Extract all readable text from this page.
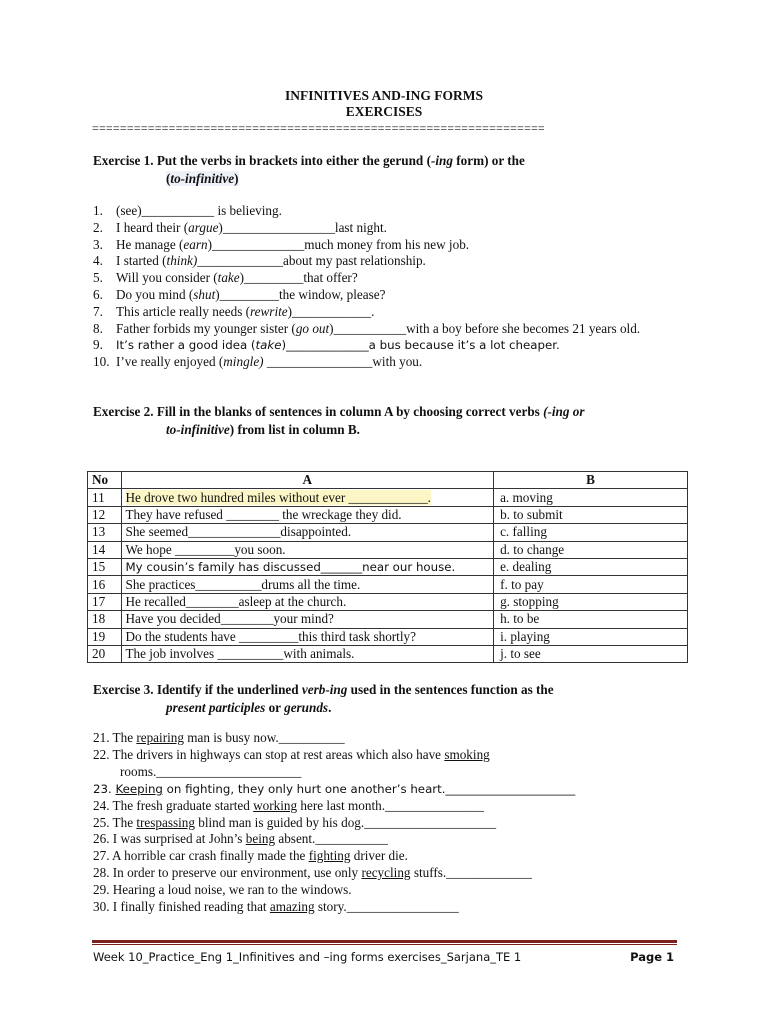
INFINITIVES AND-ING FORMS
EXERCISES
=================================================================
Exercise 1. Put the verbs in brackets into either the gerund (-ing form) or the
(to-infinitive)
1. (see)___________ is believing.
2. I heard their (argue)_________________last night.
3. He manage (earn)______________much money from his new job.
4. I started (think)_____________about my past relationship.
5. Will you consider (take)_________that offer?
6. Do you mind (shut)_________the window, please?
7. This article really needs (rewrite)____________.
8. Father forbids my younger sister (go out)___________with a boy before she becomes 21 years old.
9. It’s rather a good idea (take)______________a bus because it’s a lot cheaper.
10. I’ve really enjoyed (mingle) ________________with you.
Exercise 2. Fill in the blanks of sentences in column A by choosing correct verbs (-ing or
to-infinitive) from list in column B.
No	A	B
11	He drove two hundred miles without ever ____________.	a. moving
12	They have refused ________ the wreckage they did.	b. to submit
13	She seemed______________disappointed.	c. falling
14	We hope _________you soon.	d. to change
15	My cousin’s family has discussed_______near our house.	e. dealing
16	She practices__________drums all the time.	f. to pay
17	He recalled________asleep at the church.	g. stopping
18	Have you decided________your mind?	h. to be
19	Do the students have _________this third task shortly?	i. playing
20	The job involves __________with animals.	j. to see
Exercise 3. Identify if the underlined verb-ing used in the sentences function as the
present participles or gerunds.
21. The repairing man is busy now.__________
22. The drivers in highways can stop at rest areas which also have smoking
rooms.______________________
23. Keeping on fighting, they only hurt one another’s heart.______________________
24. The fresh graduate started working here last month._______________
25. The trespassing blind man is guided by his dog.____________________
26. I was surprised at John’s being absent.___________
27. A horrible car crash finally made the fighting driver die.
28. In order to preserve our environment, use only recycling stuffs._____________
29. Hearing a loud noise, we ran to the windows.
30. I finally finished reading that amazing story._________________
Week 10_Practice_Eng 1_Infinitives and –ing forms exercises_Sarjana_TE 1	Page 1
